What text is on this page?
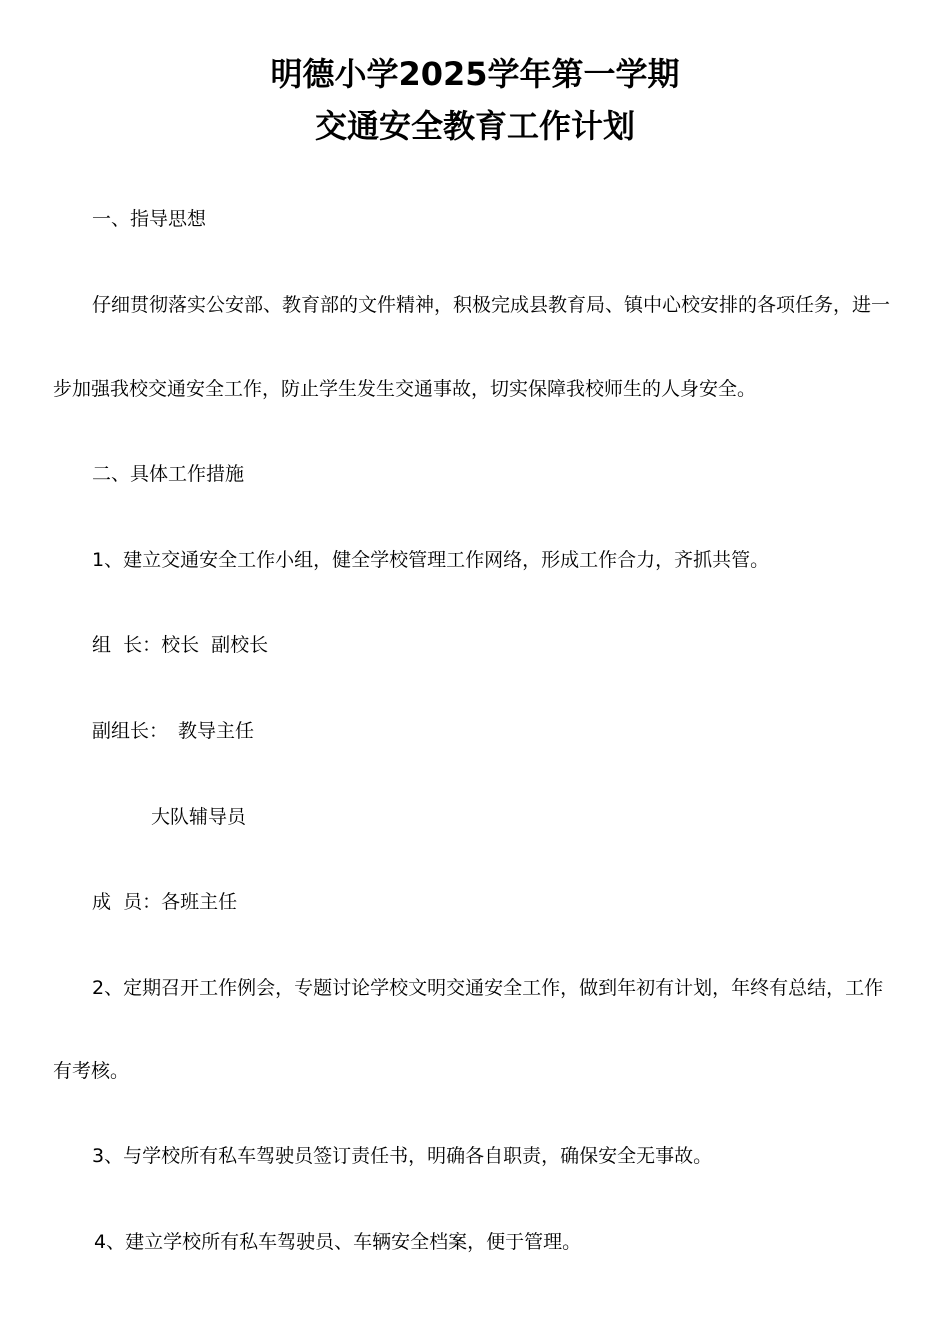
明德小学2025学年第一学期
交通安全教育工作计划
一、指导思想
仔细贯彻落实公安部、教育部的文件精神，积极完成县教育局、镇中心校安排的各项任务，进一
步加强我校交通安全工作，防止学生发生交通事故，切实保障我校师生的人身安全。
二、具体工作措施
1、建立交通安全工作小组，健全学校管理工作网络，形成工作合力，齐抓共管。
组  长：校长  副校长
副组长： 教导主任
大队辅导员
成  员：各班主任
2、定期召开工作例会，专题讨论学校文明交通安全工作，做到年初有计划，年终有总结，工作
有考核。
3、与学校所有私车驾驶员签订责任书，明确各自职责，确保安全无事故。
4、建立学校所有私车驾驶员、车辆安全档案，便于管理。
